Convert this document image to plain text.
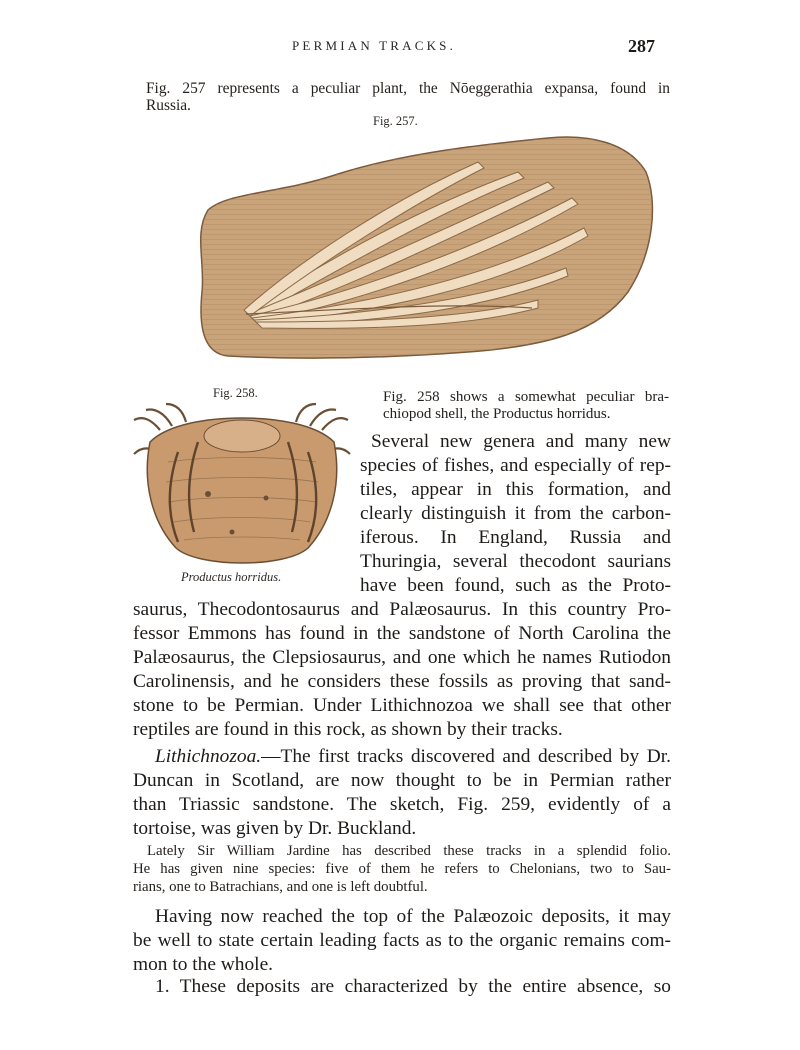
PERMIAN TRACKS.	287
Fig. 257 represents a peculiar plant, the Nōeggerathia expansa, found in
Russia.
Fig. 257.
Fig. 258.
Productus horridus.
Fig. 258 shows a somewhat peculiar bra-
chiopod shell, the Productus horridus.
Several new genera and many new
species of fishes, and especially of rep-
tiles, appear in this formation, and
clearly distinguish it from the carbon-
iferous. In England, Russia and
Thuringia, several thecodont saurians
have been found, such as the Proto-
saurus, Thecodontosaurus and Palæosaurus. In this country Pro-
fessor Emmons has found in the sandstone of North Carolina the
Palæosaurus, the Clepsiosaurus, and one which he names Rutiodon
Carolinensis, and he considers these fossils as proving that sand-
stone to be Permian. Under Lithichnozoa we shall see that other
reptiles are found in this rock, as shown by their tracks.
Lithichnozoa.—The first tracks discovered and described by Dr.
Duncan in Scotland, are now thought to be in Permian rather
than Triassic sandstone. The sketch, Fig. 259, evidently of a
tortoise, was given by Dr. Buckland.
Lately Sir William Jardine has described these tracks in a splendid folio.
He has given nine species: five of them he refers to Chelonians, two to Sau-
rians, one to Batrachians, and one is left doubtful.
Having now reached the top of the Palæozoic deposits, it may
be well to state certain leading facts as to the organic remains com-
mon to the whole.
1. These deposits are characterized by the entire absence, so
